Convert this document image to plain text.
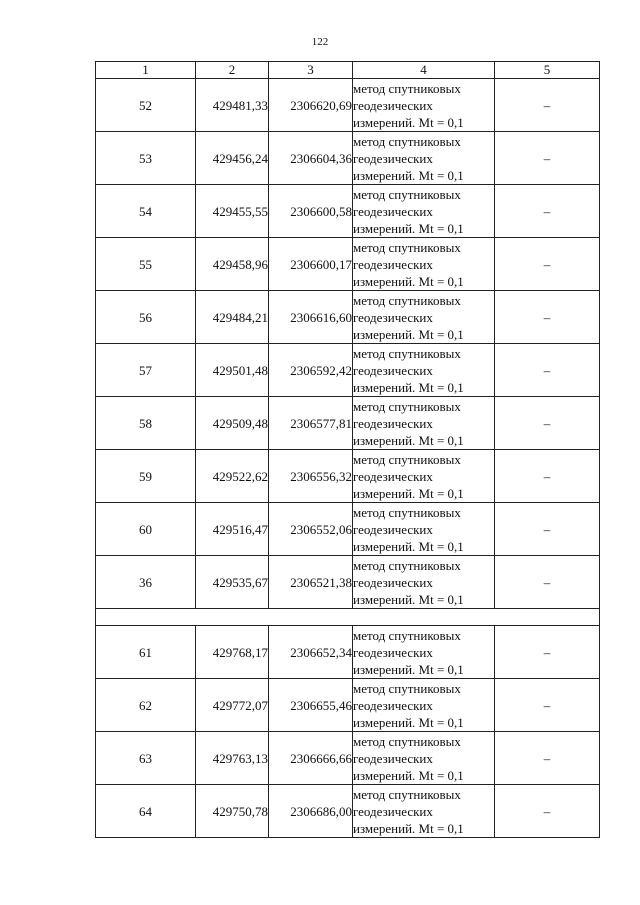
122
1	2	3	4	5
52	429481,33	2306620,69	метод спутниковых
геодезических
измерений. Mt = 0,1	–
53	429456,24	2306604,36	метод спутниковых
геодезических
измерений. Mt = 0,1	–
54	429455,55	2306600,58	метод спутниковых
геодезических
измерений. Mt = 0,1	–
55	429458,96	2306600,17	метод спутниковых
геодезических
измерений. Mt = 0,1	–
56	429484,21	2306616,60	метод спутниковых
геодезических
измерений. Mt = 0,1	–
57	429501,48	2306592,42	метод спутниковых
геодезических
измерений. Mt = 0,1	–
58	429509,48	2306577,81	метод спутниковых
геодезических
измерений. Mt = 0,1	–
59	429522,62	2306556,32	метод спутниковых
геодезических
измерений. Mt = 0,1	–
60	429516,47	2306552,06	метод спутниковых
геодезических
измерений. Mt = 0,1	–
36	429535,67	2306521,38	метод спутниковых
геодезических
измерений. Mt = 0,1	–

61	429768,17	2306652,34	метод спутниковых
геодезических
измерений. Mt = 0,1	–
62	429772,07	2306655,46	метод спутниковых
геодезических
измерений. Mt = 0,1	–
63	429763,13	2306666,66	метод спутниковых
геодезических
измерений. Mt = 0,1	–
64	429750,78	2306686,00	метод спутниковых
геодезических
измерений. Mt = 0,1	–
